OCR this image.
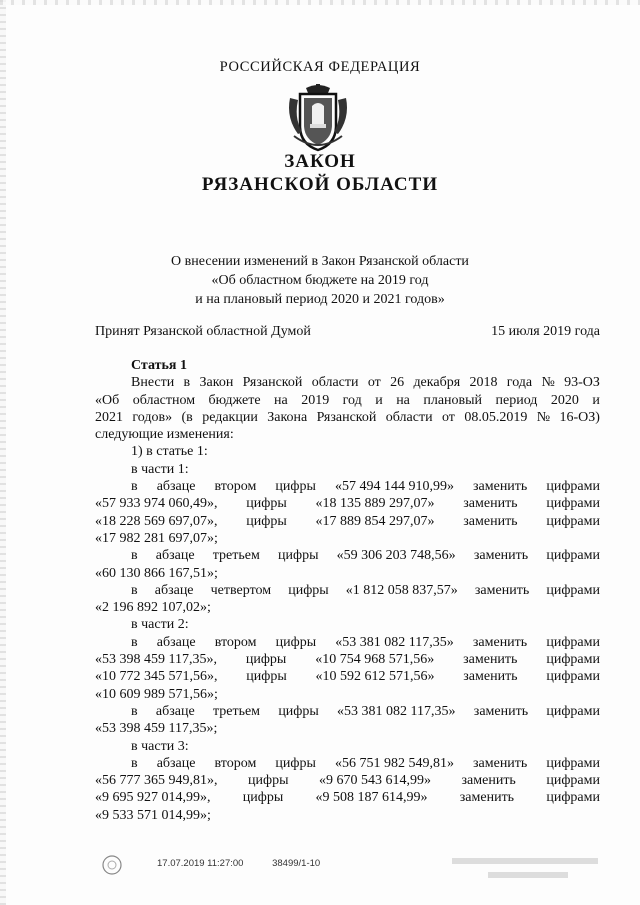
РОССИЙСКАЯ ФЕДЕРАЦИЯ
ЗАКОН
РЯЗАНСКОЙ ОБЛАСТИ
О внесении изменений в Закон Рязанской области
«Об областном бюджете на 2019 год
и на плановый период 2020 и 2021 годов»
Принят Рязанской областной Думой	15 июля 2019 года
Статья 1
Внести в Закон Рязанской области от 26 декабря 2018 года № 93-ОЗ
«Об областном бюджете на 2019 год и на плановый период 2020 и
2021 годов» (в редакции Закона Рязанской области от 08.05.2019 № 16-ОЗ)
следующие изменения:
1) в статье 1:
в части 1:
в абзаце втором цифры «57 494 144 910,99» заменить цифрами
«57 933 974 060,49», цифры «18 135 889 297,07» заменить цифрами
«18 228 569 697,07», цифры «17 889 854 297,07» заменить цифрами
«17 982 281 697,07»;
в абзаце третьем цифры «59 306 203 748,56» заменить цифрами
«60 130 866 167,51»;
в абзаце четвертом цифры «1 812 058 837,57» заменить цифрами
«2 196 892 107,02»;
в части 2:
в абзаце втором цифры «53 381 082 117,35» заменить цифрами
«53 398 459 117,35», цифры «10 754 968 571,56» заменить цифрами
«10 772 345 571,56», цифры «10 592 612 571,56» заменить цифрами
«10 609 989 571,56»;
в абзаце третьем цифры «53 381 082 117,35» заменить цифрами
«53 398 459 117,35»;
в части 3:
в абзаце втором цифры «56 751 982 549,81» заменить цифрами
«56 777 365 949,81», цифры «9 670 543 614,99» заменить цифрами
«9 695 927 014,99», цифры «9 508 187 614,99» заменить цифрами
«9 533 571 014,99»;
17.07.2019 11:27:00	38499/1-10
